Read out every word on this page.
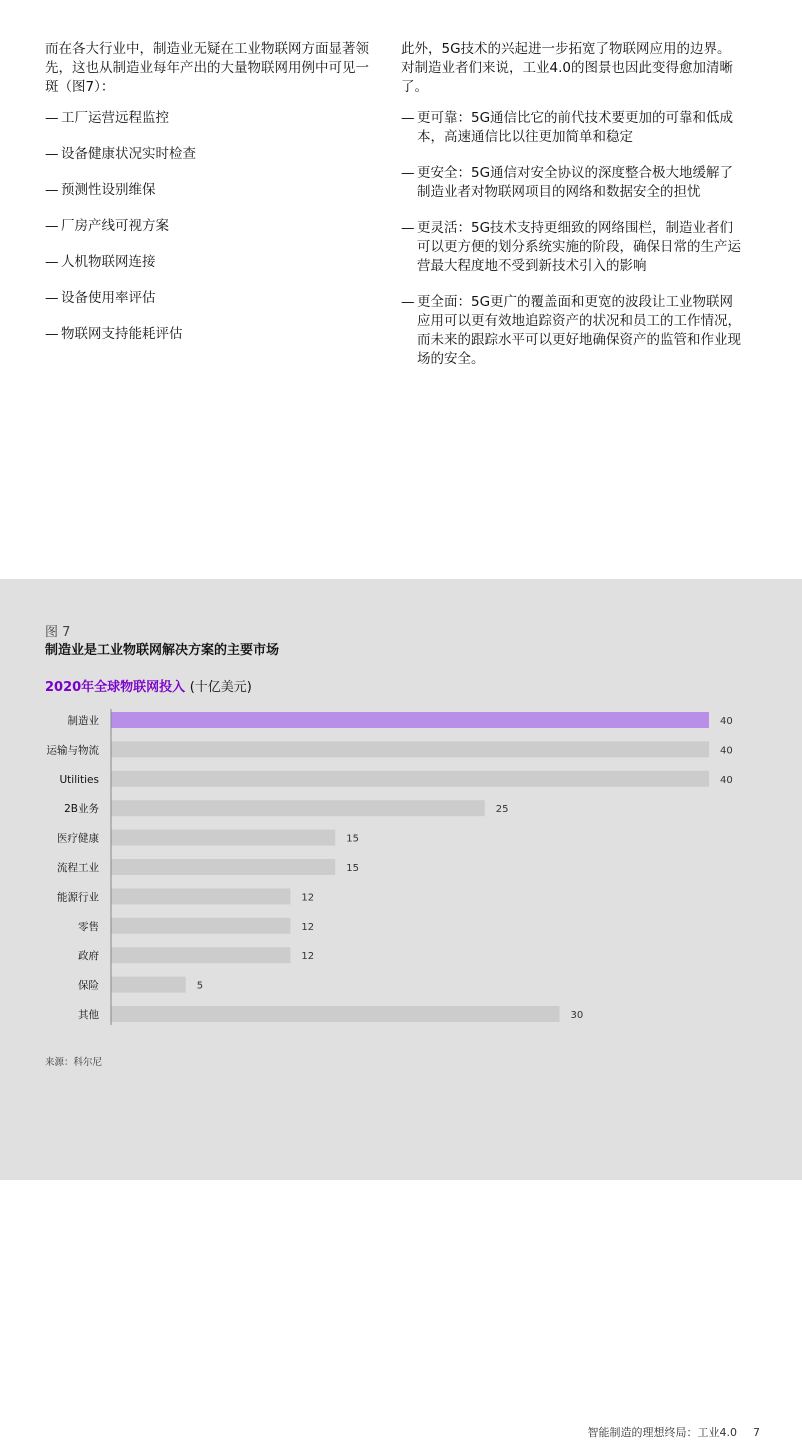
而在各大行业中，制造业无疑在工业物联网方面显著领先，这也从制造业每年产出的大量物联网用例中可见一斑（图7）：

— 工厂运营远程监控
— 设备健康状况实时检查
— 预测性设别维保
— 厂房产线可视方案
— 人机物联网连接
— 设备使用率评估
— 物联网支持能耗评估

此外，5G技术的兴起进一步拓宽了物联网应用的边界。对制造业者们来说，工业4.0的图景也因此变得愈加清晰了。

— 更可靠：5G通信比它的前代技术要更加的可靠和低成本，高速通信比以往更加简单和稳定
— 更安全：5G通信对安全协议的深度整合极大地缓解了制造业者对物联网项目的网络和数据安全的担忧
— 更灵活：5G技术支持更细致的网络围栏，制造业者们可以更方便的划分系统实施的阶段，确保日常的生产运营最大程度地不受到新技术引入的影响
— 更全面：5G更广的覆盖面和更宽的波段让工业物联网应用可以更有效地追踪资产的状况和员工的工作情况，而未来的跟踪水平可以更好地确保资产的监管和作业现场的安全。
图 7
制造业是工业物联网解决方案的主要市场
2020年全球物联网投入 (十亿美元)
制造业	40
运输与物流	40
Utilities	40
2B业务	25
医疗健康	15
流程工业	15
能源行业	12
零售	12
政府	12
保险	5
其他	30
来源：科尔尼
智能制造的理想终局：工业4.0 7
